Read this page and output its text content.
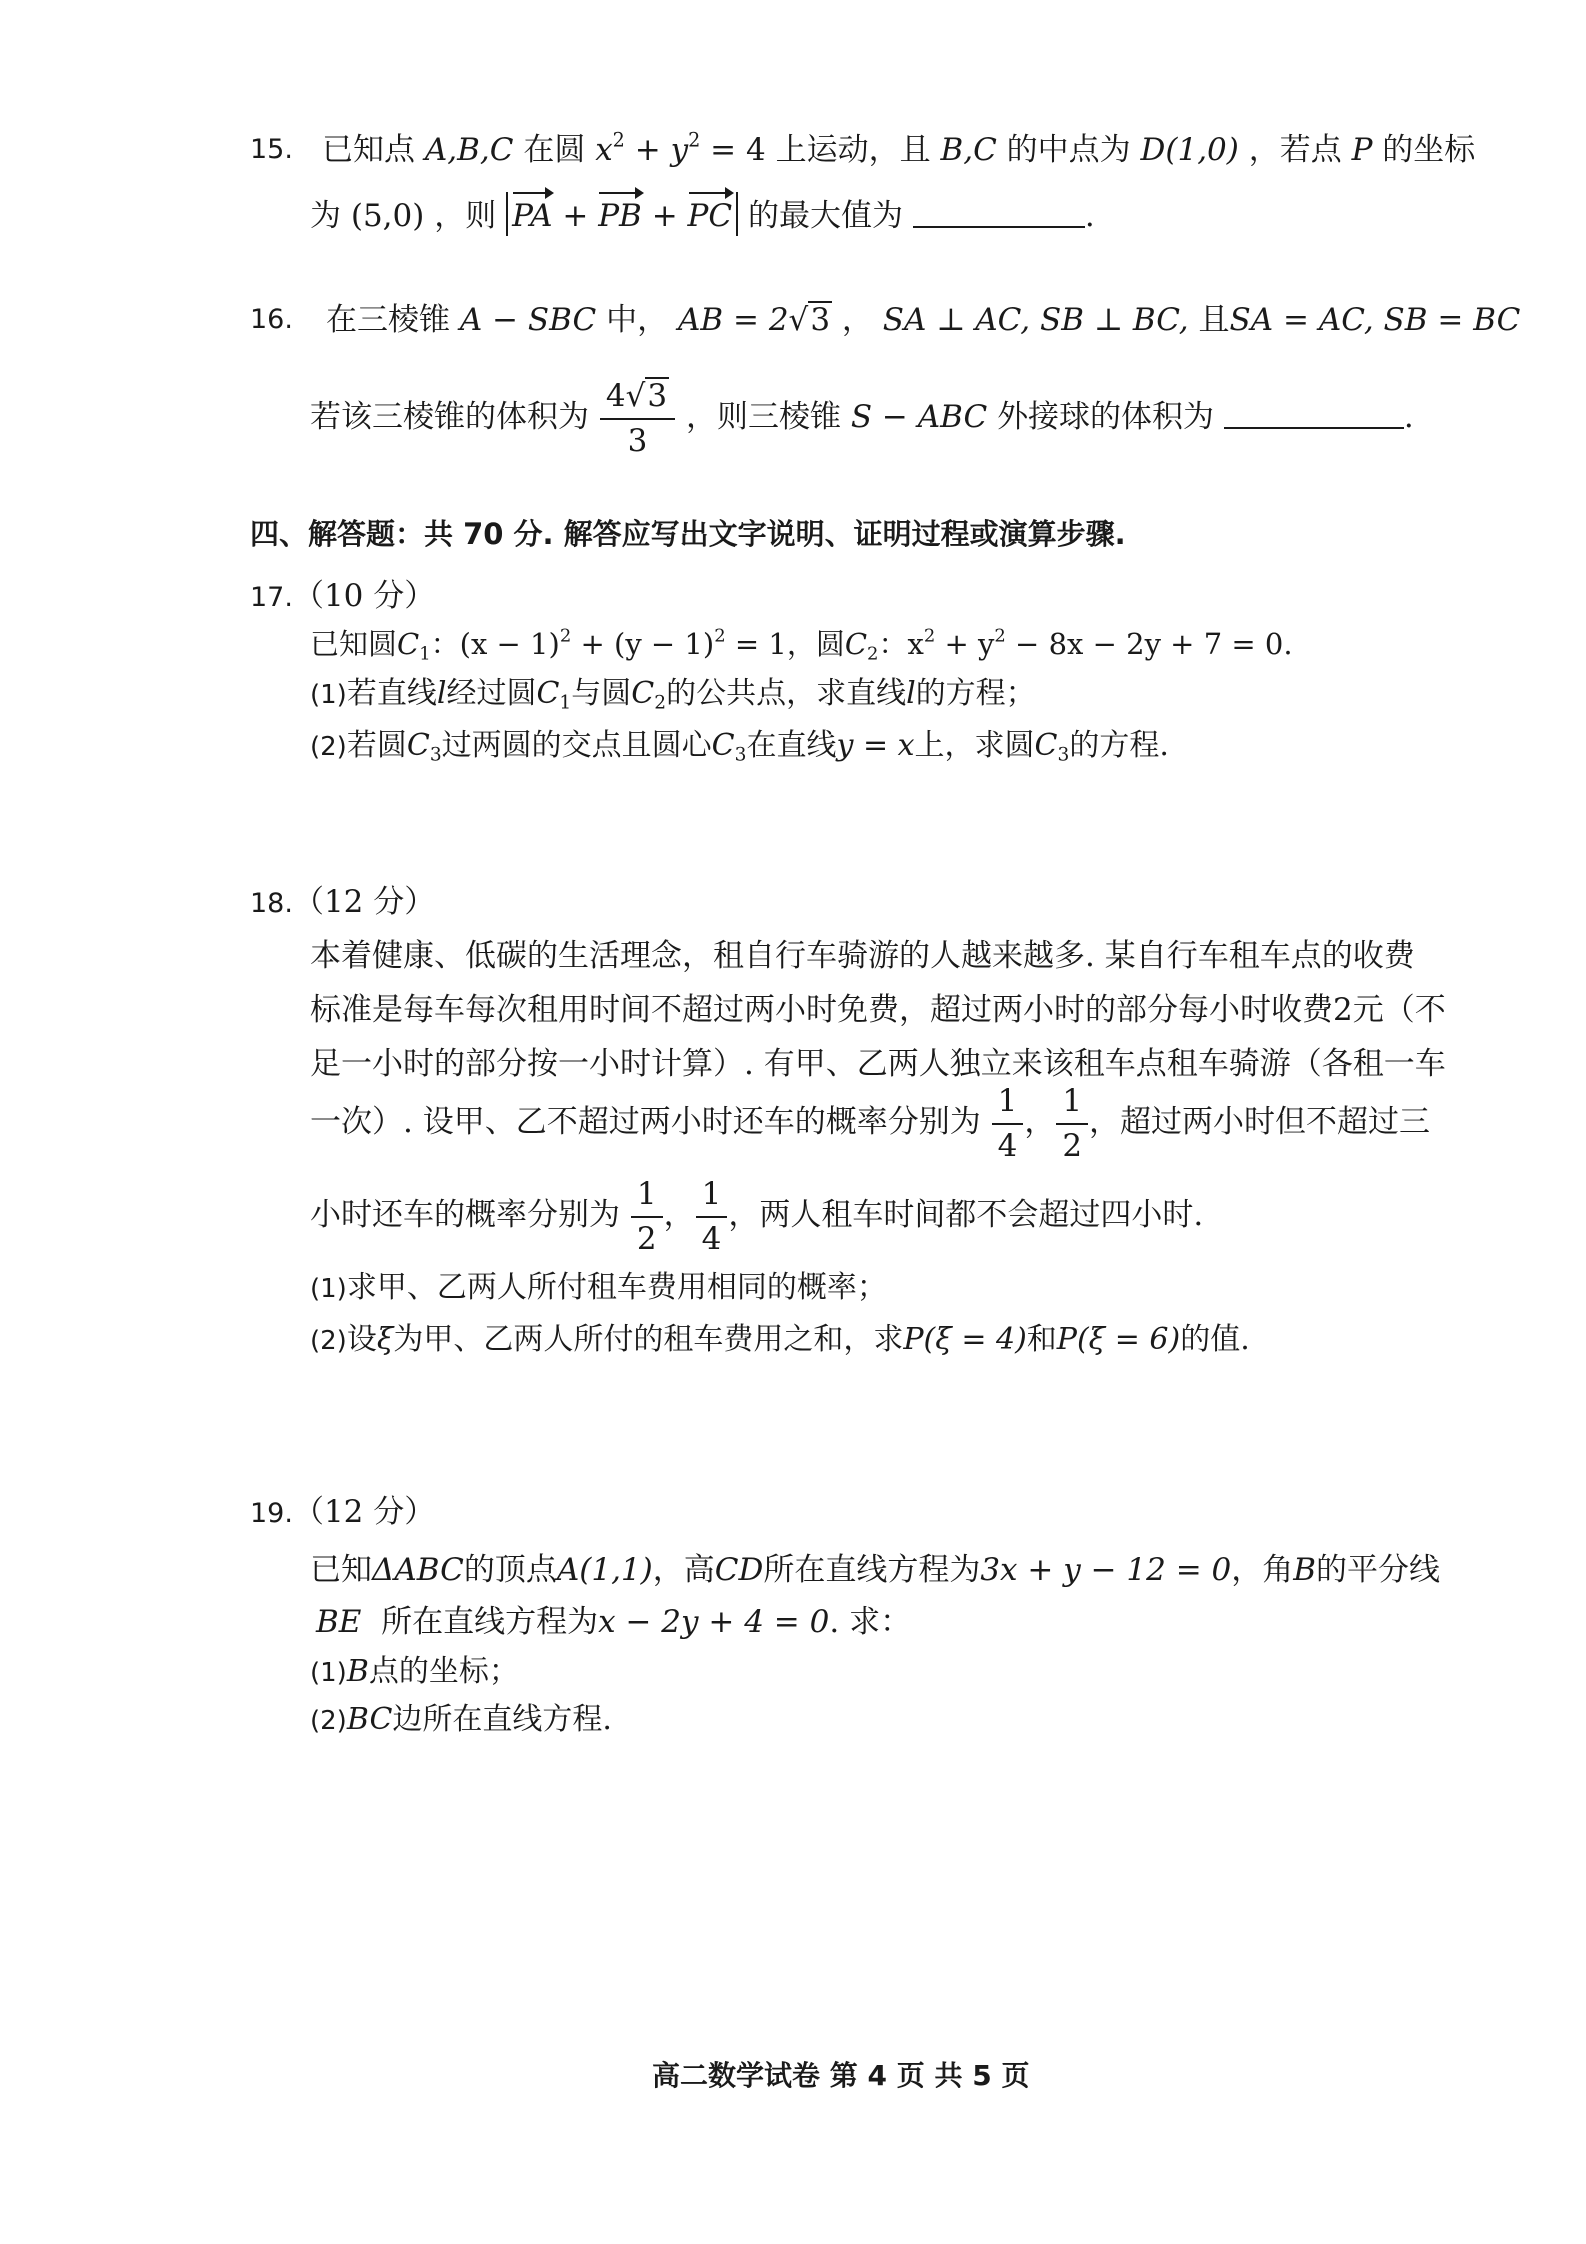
15. 已知点 A,B,C 在圆 $x^2 + y^2 = 4$ 上运动，且 B,C 的中点为 D(1,0) ，若点 P 的坐标
为 (5,0) ，则 PA + PB + PC 的最大值为	.
16. 在三棱锥 A − SBC 中， AB = 2√3 ， SA ⊥ AC, SB ⊥ BC, 且SA = AC, SB = BC
若该三棱锥的体积为 $\frac{4√3}{3}$ ，则三棱锥 S − ABC 外接球的体积为	.
四、解答题：共 70 分. 解答应写出文字说明、证明过程或演算步骤.
17.（10 分）
已知圆$C_1$：$(x - 1)^2 + (y - 1)^2 = 1$，圆$C_2$：$x^2 + y^2 - 8x - 2y + 7 = 0$.
(1)若直线l经过圆$C_1$与圆$C_2$的公共点，求直线l的方程；
(2)若圆$C_3$过两圆的交点且圆心$C_3$在直线y = x上，求圆$C_3$的方程.
18.（12 分）
本着健康、低碳的生活理念，租自行车骑游的人越来越多. 某自行车租车点的收费
标准是每车每次租用时间不超过两小时免费，超过两小时的部分每小时收费2元（不
足一小时的部分按一小时计算）. 有甲、乙两人独立来该租车点租车骑游（各租一车
一次）. 设甲、乙不超过两小时还车的概率分别为 $\frac{1}{4}$ ， $\frac{1}{2}$ ，超过两小时但不超过三
小时还车的概率分别为 $\frac{1}{2}$ ， $\frac{1}{4}$ ，两人租车时间都不会超过四小时.
(1)求甲、乙两人所付租车费用相同的概率；
(2)设ξ为甲、乙两人所付的租车费用之和，求P(ξ = 4)和P(ξ = 6)的值.
19.（12 分）
已知ΔABC的顶点A(1,1)，高CD所在直线方程为3x + y − 12 = 0，角B的平分线
BE 所在直线方程为x − 2y + 4 = 0. 求：
(1)B点的坐标；
(2)BC边所在直线方程.
高二数学试卷 第 4 页 共 5 页
